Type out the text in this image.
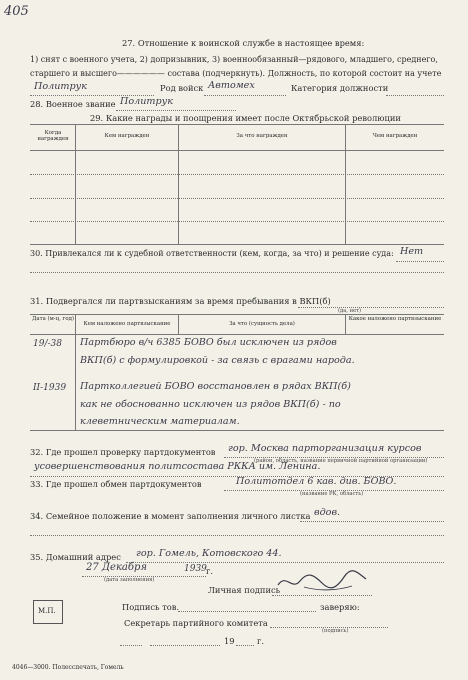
405
27. Отношение к воинской службе в настоящее время:
1) снят с военного учета, 2) допризывник, 3) военнообязанный—рядового, младшего, среднего,
старшего и высшего—————— состава (подчеркнуть). Должность, по которой состоит на учете
Политрук	Род войск Автомех	Категория должности
28. Военное звание Политрук
29. Какие награды и поощрения имеет после Октябрьской революции
Когда награжден
Кем награжден	За что награжден	Чем награжден
30. Привлекался ли к судебной ответственности (кем, когда, за что) и решение суда: Нет
31. Подвергался ли партвзысканиям за время пребывания в ВКП(б)
(да, нет)
Дата (м-ц, год)
Кем наложено партвзыскание	За что (сущность дела)
Какое наложено партвзыскание
19/-38 Партбюро в/ч 6385 БОВО был исключен из рядов
ВКП(б) с формулировкой - за связь с врагами народа.
II-1939 Партколлегией БОВО восстановлен в рядах ВКП(б)
как не обоснованно исключен из рядов ВКП(б) - по
клеветническим материалам.
32. Где прошел проверку партдокументов гор. Москва парторганизация курсов
(район, область, название первичной партийной организации)
усовершенствования политсостава РККА им. Ленина.
33. Где прошел обмен партдокументов	Политотдел 6 кав. див. БОВО.
(название РК, область)
34. Семейное положение в момент заполнения личного листка вдов.
35. Домашний адрес гор. Гомель, Котовского 44.
27 Декабря	1939 г.
(дата заполнения)
Личная подпись
М.П.	Подпись тов.	заверяю:
Секретарь партийного комитета
(подпись)
19	г.
4046—3000. Полесспечать, Гомель
